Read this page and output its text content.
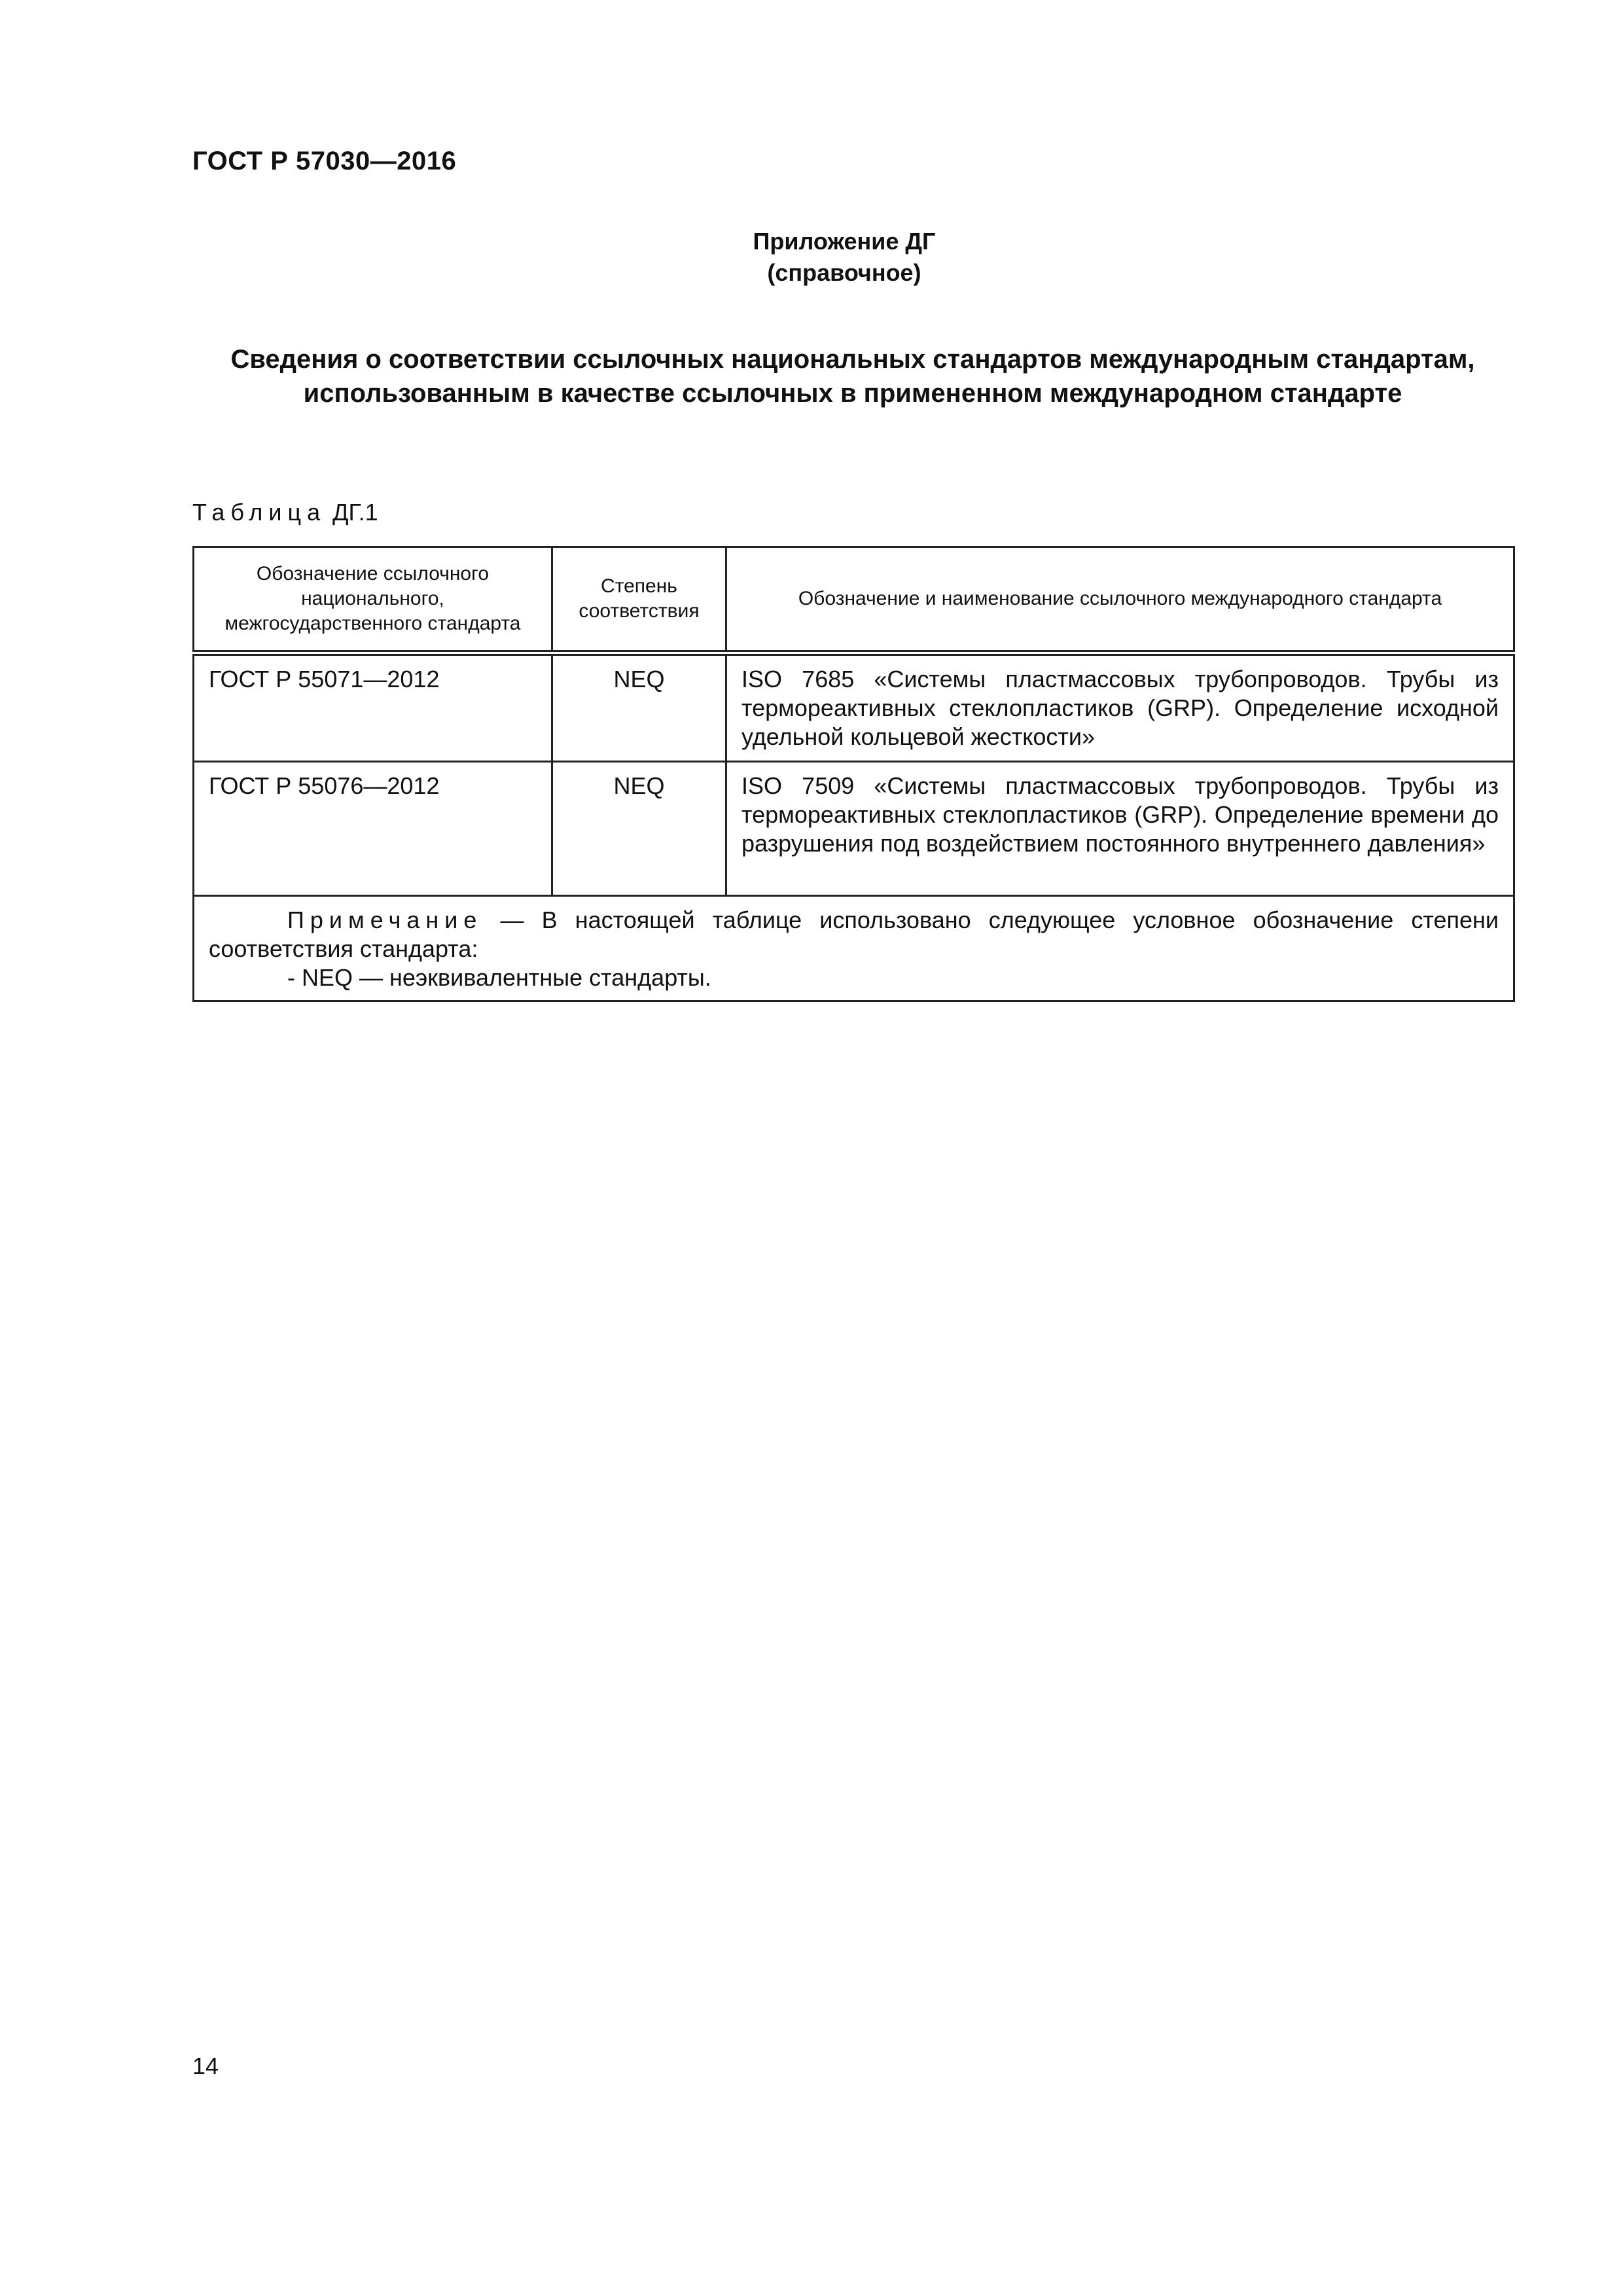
ГОСТ Р 57030—2016
Приложение ДГ
(справочное)
Сведения о соответствии ссылочных национальных стандартов международным стандартам,
использованным в качестве ссылочных в примененном международном стандарте
Таблица ДГ.1
Обозначение ссылочного национального, межгосударственного стандарта	Степень соответствия	Обозначение и наименование ссылочного международного стандарта
ГОСТ Р 55071—2012	NEQ	ISO 7685 «Системы пластмассовых трубопроводов. Трубы из термореактивных стеклопластиков (GRP). Определение исходной удельной кольцевой жесткости»
ГОСТ Р 55076—2012	NEQ	ISO 7509 «Системы пластмассовых трубопроводов. Трубы из термореактивных стеклопластиков (GRP). Определение времени до разрушения под воздействием постоянного внутреннего давления»

Примечание — В настоящей таблице использовано следующее условное обозначение степени соответствия стандарта:
- NEQ — неэквивалентные стандарты.		
14
